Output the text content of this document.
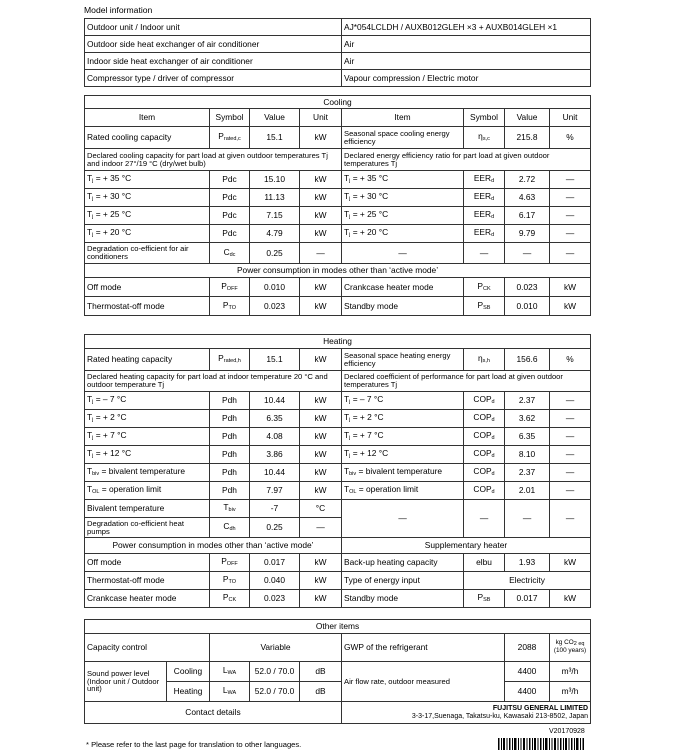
Model information
Outdoor unit / Indoor unit	AJ*054LCLDH / AUXB012GLEH ×3 + AUXB014GLEH ×1
Outdoor side heat exchanger of air conditioner	Air
Indoor side heat exchanger of air conditioner	Air
Compressor type / driver of compressor	Vapour compression / Electric motor
Cooling							
Item	Symbol	Value	Unit	Item	Symbol	Value	Unit
Rated cooling capacity	$P_{rated,c}$	15.1	kW	Seasonal space cooling energy efficiency	$\eta_{s,c}$	215.8	%
Declared cooling capacity for part load at given outdoor temperatures Tj and indoor 27°/19 °C (dry/wet bulb)				Declared energy efficiency ratio for part load at given outdoor temperatures Tj			
$T_j$ = + 35 °C	Pdc	15.10	kW	$T_j$ = + 35 °C	$EER_d$	2.72	—
$T_j$ = + 30 °C	Pdc	11.13	kW	$T_j$ = + 30 °C	$EER_d$	4.63	—
$T_j$ = + 25 °C	Pdc	7.15	kW	$T_j$ = + 25 °C	$EER_d$	6.17	—
$T_j$ = + 20 °C	Pdc	4.79	kW	$T_j$ = + 20 °C	$EER_d$	9.79	—
Degradation co-efficient for air conditioners	$C_{dc}$	0.25	—	—	—	—	—
Power consumption in modes other than ‘active mode’							
Off mode	$P_{OFF}$	0.010	kW	Crankcase heater mode	$P_{CK}$	0.023	kW
Thermostat-off mode	$P_{TO}$	0.023	kW	Standby mode	$P_{SB}$	0.010	kW
Heating							
Rated heating capacity	$P_{rated,h}$	15.1	kW	Seasonal space heating energy efficiency	$\eta_{s,h}$	156.6	%
Declared heating capacity for part load at indoor temperature 20 °C and outdoor temperature Tj				Declared coefficient of performance for part load at given outdoor temperatures Tj			
$T_j$ = – 7 °C	Pdh	10.44	kW	$T_j$ = – 7 °C	$COP_d$	2.37	—
$T_j$ = + 2 °C	Pdh	6.35	kW	$T_j$ = + 2 °C	$COP_d$	3.62	—
$T_j$ = + 7 °C	Pdh	4.08	kW	$T_j$ = + 7 °C	$COP_d$	6.35	—
$T_j$ = + 12 °C	Pdh	3.86	kW	$T_j$ = + 12 °C	$COP_d$	8.10	—
$T_{biv}$ = bivalent temperature	Pdh	10.44	kW	$T_{biv}$ = bivalent temperature	$COP_d$	2.37	—
$T_{OL}$ = operation limit	Pdh	7.97	kW	$T_{OL}$ = operation limit	$COP_d$	2.01	—
Bivalent temperature	$T_{biv}$	-7	°C	—	—	—	—
Degradation co-efficient heat pumps	$C_{dh}$	0.25	—				
Power consumption in modes other than ‘active mode’				Supplementary heater			
Off mode	$P_{OFF}$	0.017	kW	Back-up heating capacity	elbu	1.93	kW
Thermostat-off mode	$P_{TO}$	0.040	kW	Type of energy input	Electricity		
Crankcase heater mode	$P_{CK}$	0.023	kW	Standby mode	$P_{SB}$	0.017	kW
Other items							
Capacity control		Variable			GWP of the refrigerant	2088	kg $CO_{2 eq}$
(100 years)
Sound power level (Indoor unit / Outdoor unit)	Cooling	$L_{WA}$	52.0 / 70.0	dB	Air flow rate, outdoor measured	4400	m³/h
	Heating	$L_{WA}$	52.0 / 70.0	dB		4400	m³/h
Contact details					FUJITSU GENERAL LIMITED
3-3-17,Suenaga, Takatsu-ku, Kawasaki 213-8502, Japan		
V20170928
* Please refer to the last page for translation to other languages.
